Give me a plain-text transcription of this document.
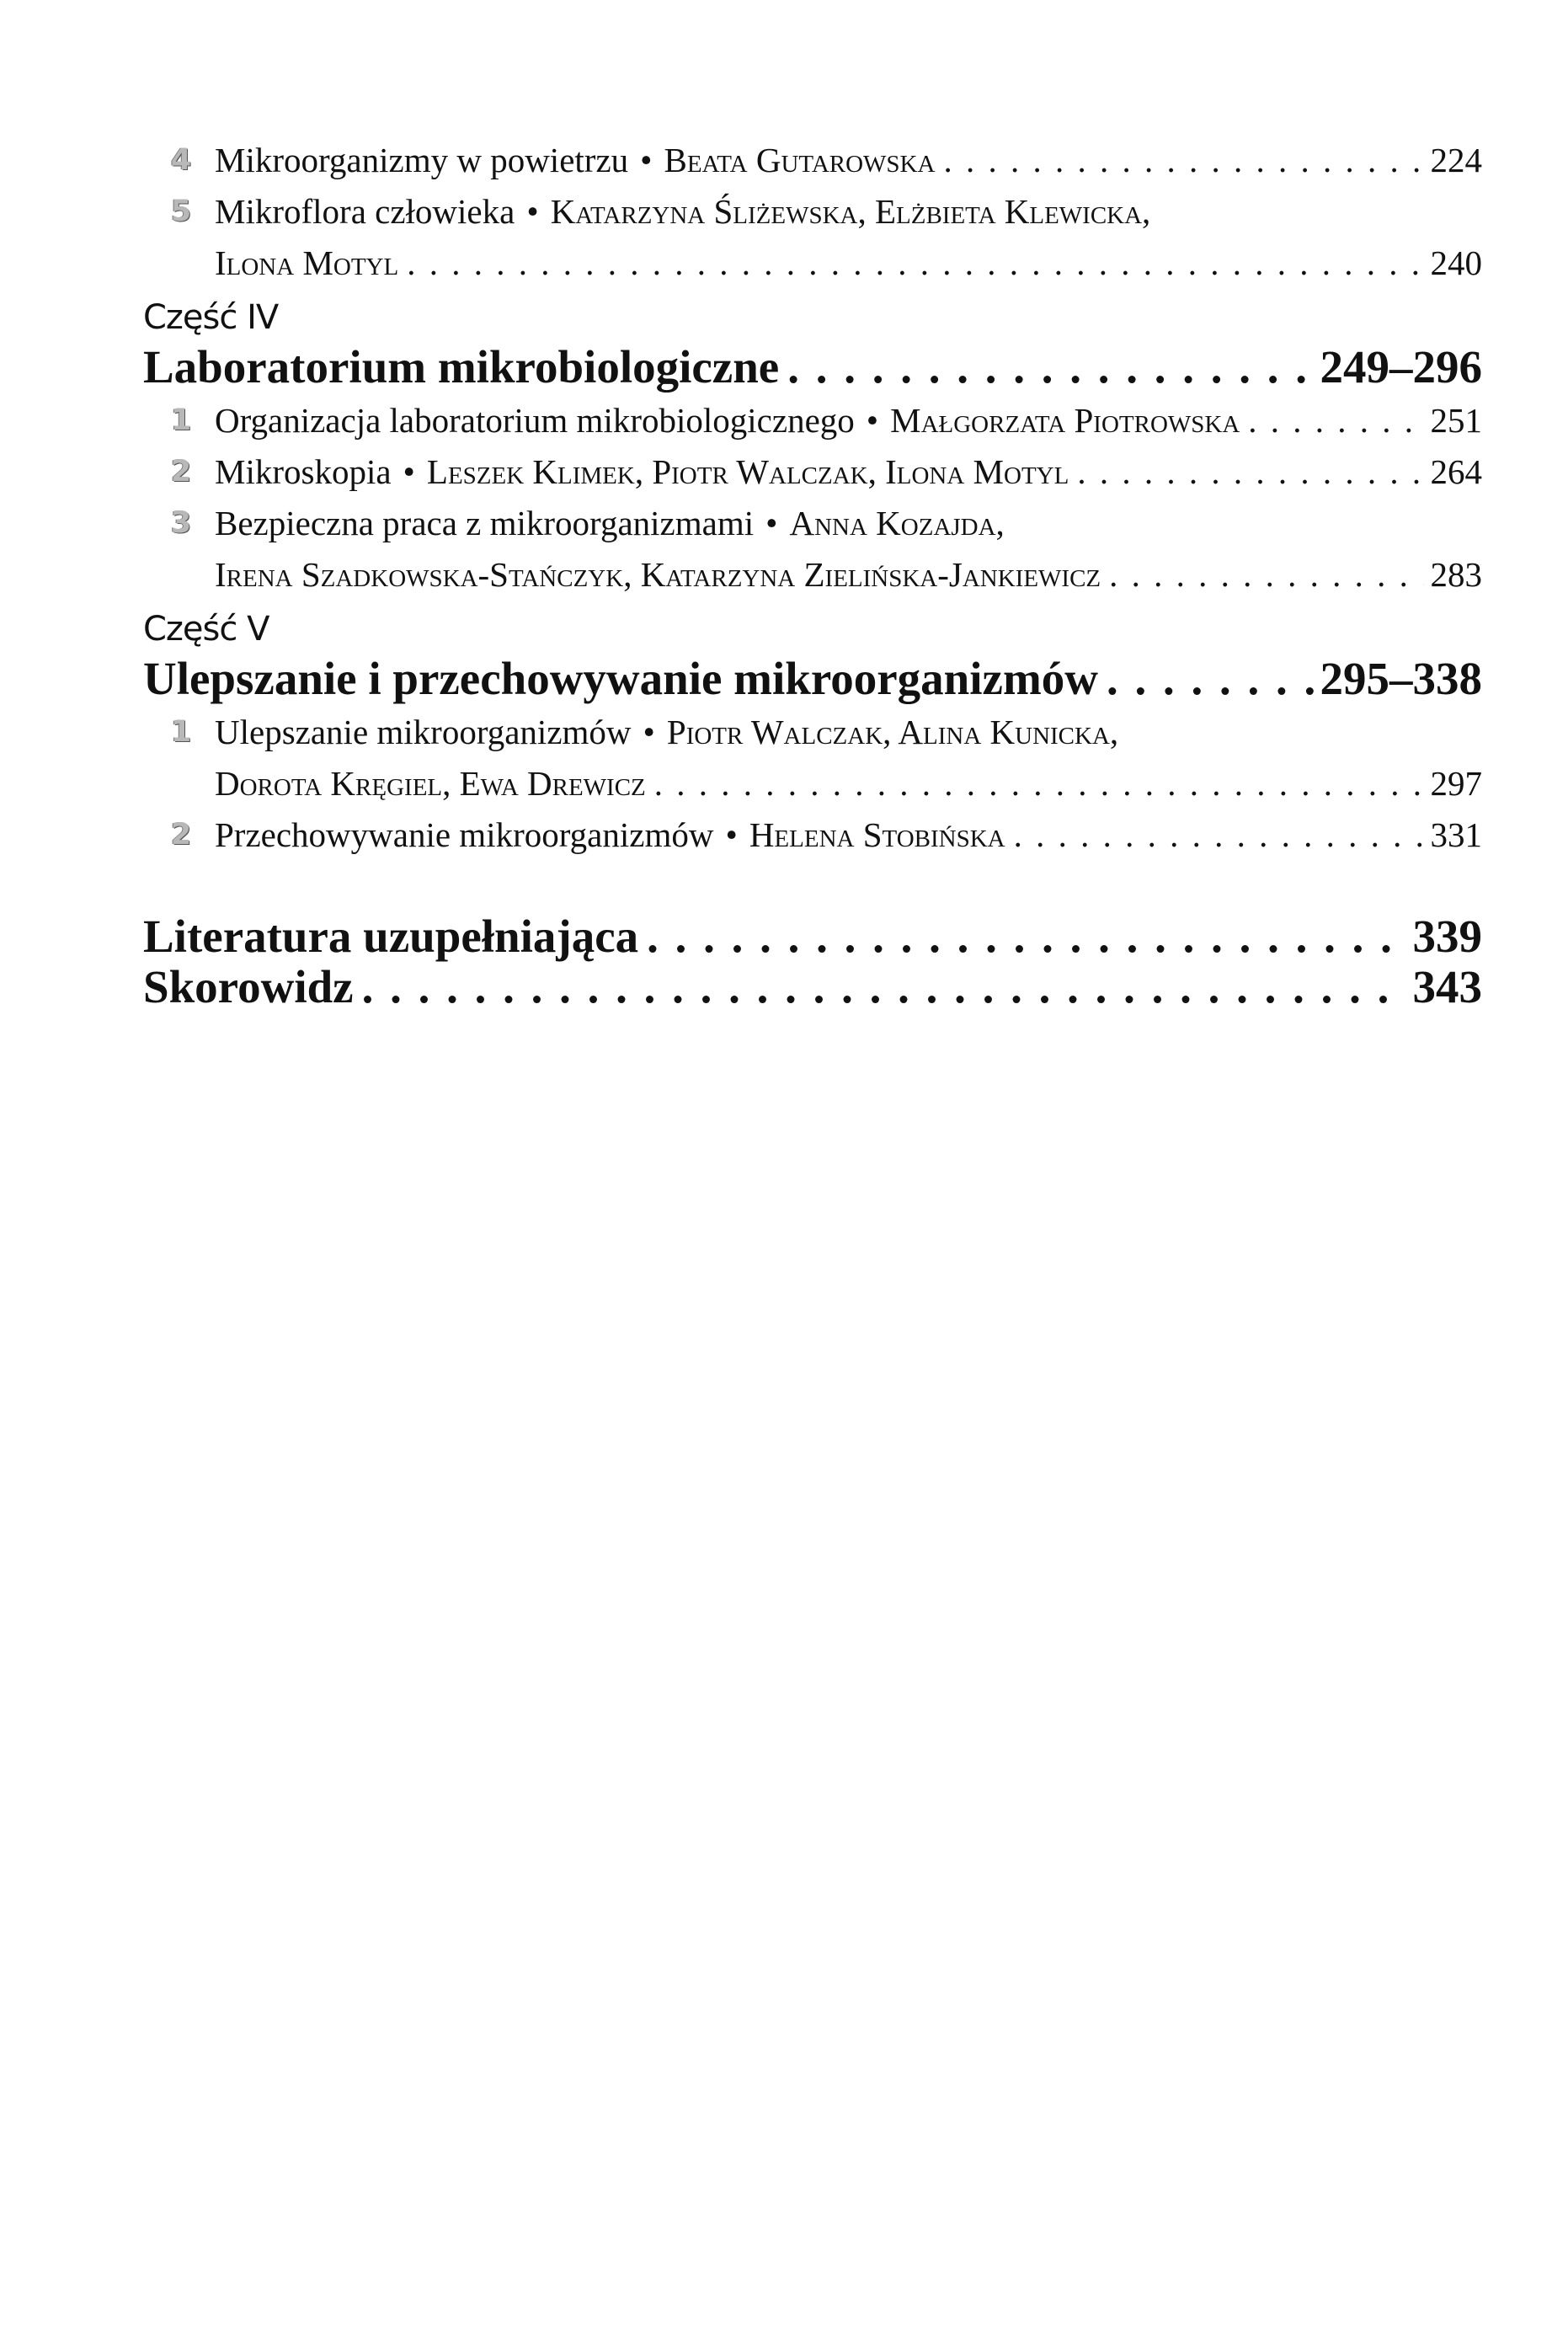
4 Mikroorganizmy w powietrzu • Beata Gutarowska . . .	224
5 Mikroflora człowieka • Katarzyna Śliżewska, Elżbieta Klewicka,
Ilona Motyl . . .	240
Część IV
Laboratorium mikrobiologiczne . . .	249–296
1 Organizacja laboratorium mikrobiologicznego • Małgorzata Piotrowska . . .	251
2 Mikroskopia • Leszek Klimek, Piotr Walczak, Ilona Motyl . . .	264
3 Bezpieczna praca z mikroorganizmami • Anna Kozajda,
Irena Szadkowska-Stańczyk, Katarzyna Zielińska-Jankiewicz . . .	283
Część V
Ulepszanie i przechowywanie mikroorganizmów . . .	295–338
1 Ulepszanie mikroorganizmów • Piotr Walczak, Alina Kunicka,
Dorota Kręgiel, Ewa Drewicz . . .	297
2 Przechowywanie mikroorganizmów • Helena Stobińska . . .	331
Literatura uzupełniająca . . .	339
Skorowidz . . .	343
